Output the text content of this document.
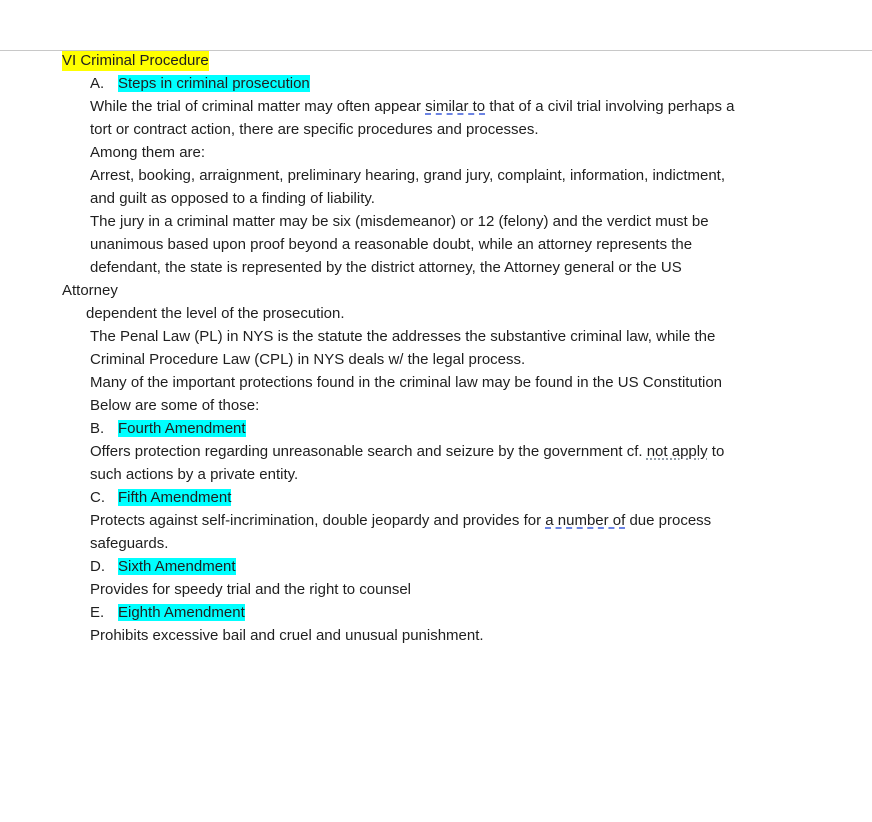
VI Criminal Procedure
A. Steps in criminal prosecution
While the trial of criminal matter may often appear similar to that of a civil trial involving perhaps a
tort or contract action, there are specific procedures and processes.
Among them are:
Arrest, booking, arraignment, preliminary hearing, grand jury, complaint, information, indictment,
and guilt as opposed to a finding of liability.
The jury in a criminal matter may be six (misdemeanor) or 12 (felony) and the verdict must be
unanimous based upon proof beyond a reasonable doubt, while an attorney represents the
defendant, the state is represented by the district attorney, the Attorney general or the US
Attorney
dependent the level of the prosecution.
The Penal Law (PL) in NYS is the statute the addresses the substantive criminal law, while the
Criminal Procedure Law (CPL) in NYS deals w/ the legal process.
Many of the important protections found in the criminal law may be found in the US Constitution
Below are some of those:
B. Fourth Amendment
Offers protection regarding unreasonable search and seizure by the government cf. not apply to
such actions by a private entity.
C. Fifth Amendment
Protects against self-incrimination, double jeopardy and provides for a number of due process
safeguards.
D. Sixth Amendment
Provides for speedy trial and the right to counsel
E. Eighth Amendment
Prohibits excessive bail and cruel and unusual punishment.
